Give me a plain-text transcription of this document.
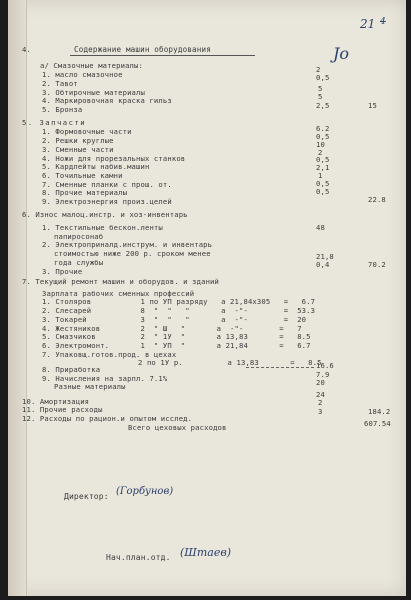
21 4
Jo
4.	Содержание машин оборудования
а/ Смазочные материалы:
1. масло смазочное
2. Тавот
3. Обтирочные материалы
4. Маркировочная краска гильз
5. Бронза
5. Запчасти
1. Формовочные части
2. Решки круглые
3. Сменные части
4. Ножи для прорезальных станков
5. Кардлейты набив.машин
6. Точильные камни
7. Сменные планки с прош. от.
8. Прочие материалы
9. Электроэнергия произ.целей
6. Износ малоц.инстр. и хоз-инвентарь
1. Текстильные бескон.ленты
папиросонаб
2. Электроприналд.инструм. и инвентарь
стоимостью ниже 200 р. сроком менее
года службы
3. Прочие
7. Текущий ремонт машин и оборудов. и зданий
Зарплата рабочих сменных профессий
1. Столяров           1 по УП разряду   а 21,84х305   =   6.7
2. Слесарей           8  "  "   "       а  -"-        =  53.3
3. Токарей            3  "  "   "       а  -"-        =  20
4. Жестяников         2  " Ш   "       а  -"-        =   7
5. Смазчиков          2  " 1У  "       а 13,83       =   8.5
6. Электромонт.       1  " УП  "       а 21,84       =   6.7
7. Упаковщ.готов.прод. в цехах
2 по 1У р.          а 13,83       =   8.5
8. Приработка
9. Начисления на зарпл. 7.1%
Разные материалы
10. Амортизация
11. Прочие расходы
12. Расходы по рацион.и опытом исслед.
Всего цеховых расходов
2
0,5
5
5
2,5
6.2
0,5
10
2
0,5
2,1
1
0,5
0,5
48
21,8
0,4
16.6
7.9
20
24
2
3
15
22.8
70.2
184.2
607.54
Директор: (Горбунов)
Нач.план.отд. (Штаев)
